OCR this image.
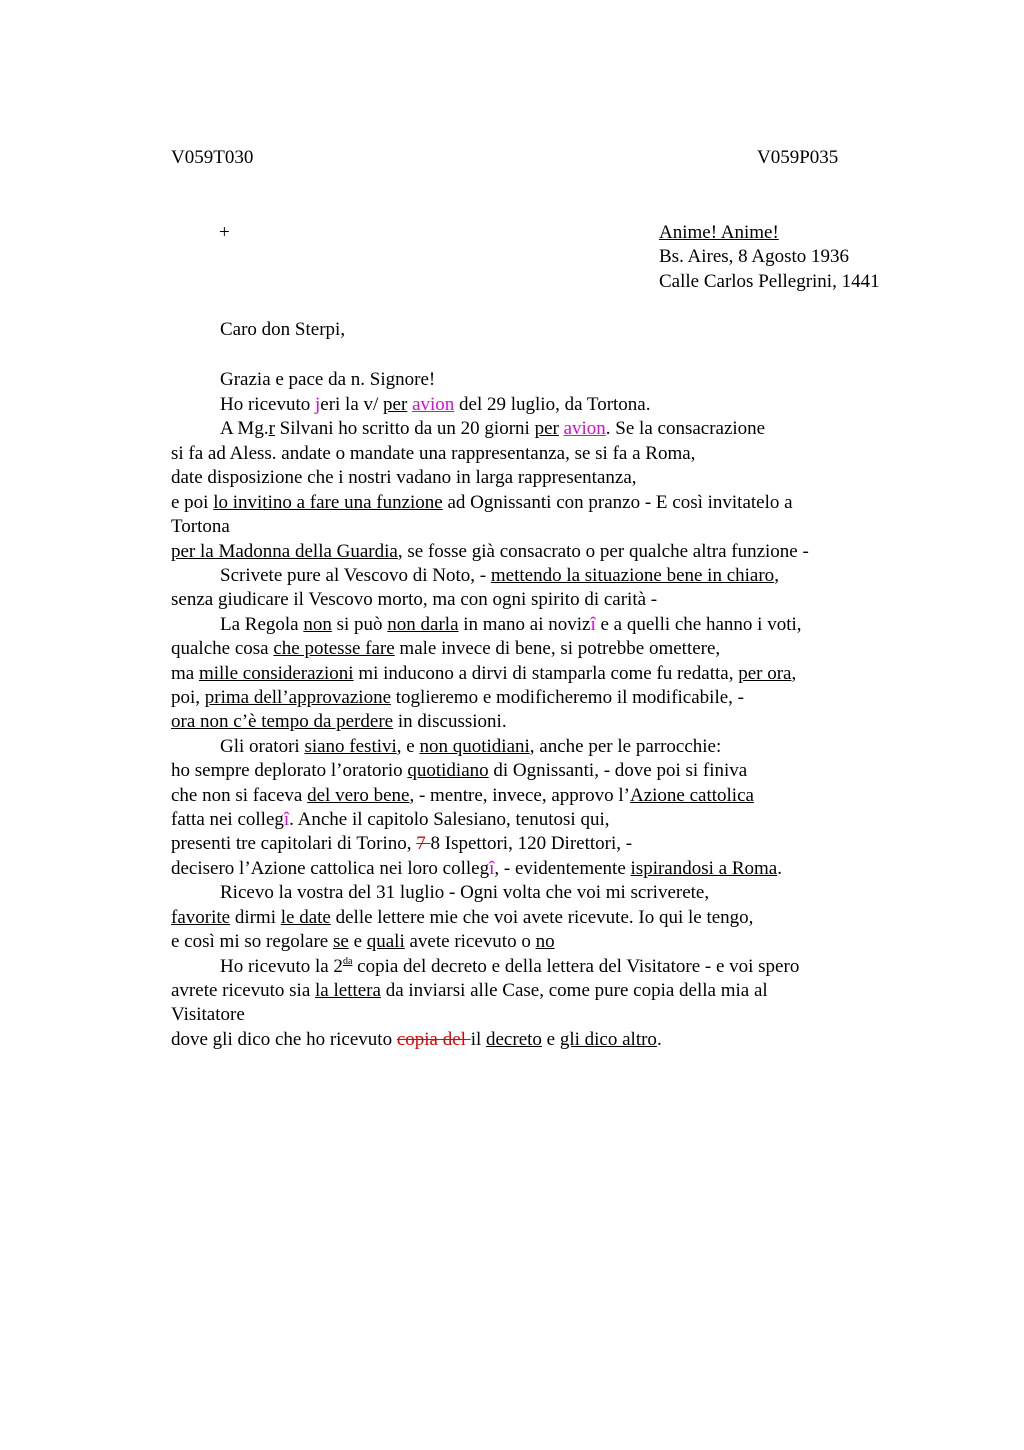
V059T030	V059P035
+	Anime! Anime!
Bs. Aires, 8 Agosto 1936
Calle Carlos Pellegrini, 1441
Caro don Sterpi,
Grazia e pace da n. Signore!
Ho ricevuto jeri la v/ per avion del 29 luglio, da Tortona.
A Mg.r Silvani ho scritto da un 20 giorni per avion. Se la consacrazione
si fa ad Aless. andate o mandate una rappresentanza, se si fa a Roma,
date disposizione che i nostri vadano in larga rappresentanza,
e poi lo invitino a fare una funzione ad Ognissanti con pranzo - E così invitatelo a
Tortona
per la Madonna della Guardia, se fosse già consacrato o per qualche altra funzione -
Scrivete pure al Vescovo di Noto, - mettendo la situazione bene in chiaro,
senza giudicare il Vescovo morto, ma con ogni spirito di carità -
La Regola non si può non darla in mano ai novizî e a quelli che hanno i voti,
qualche cosa che potesse fare male invece di bene, si potrebbe omettere,
ma mille considerazioni mi inducono a dirvi di stamparla come fu redatta, per ora,
poi, prima dell’approvazione toglieremo e modificheremo il modificabile, -
ora non c’è tempo da perdere in discussioni.
Gli oratori siano festivi, e non quotidiani, anche per le parrocchie:
ho sempre deplorato l’oratorio quotidiano di Ognissanti, - dove poi si finiva
che non si faceva del vero bene, - mentre, invece, approvo l’Azione cattolica
fatta nei collegî. Anche il capitolo Salesiano, tenutosi qui,
presenti tre capitolari di Torino, 7 8 Ispettori, 120 Direttori, -
decisero l’Azione cattolica nei loro collegî, - evidentemente ispirandosi a Roma.
Ricevo la vostra del 31 luglio - Ogni volta che voi mi scriverete,
favorite dirmi le date delle lettere mie che voi avete ricevute. Io qui le tengo,
e così mi so regolare se e quali avete ricevuto o no
Ho ricevuto la $2^{da}$ copia del decreto e della lettera del Visitatore - e voi spero
avrete ricevuto sia la lettera da inviarsi alle Case, come pure copia della mia al
Visitatore
dove gli dico che ho ricevuto copia del il decreto e gli dico altro.
